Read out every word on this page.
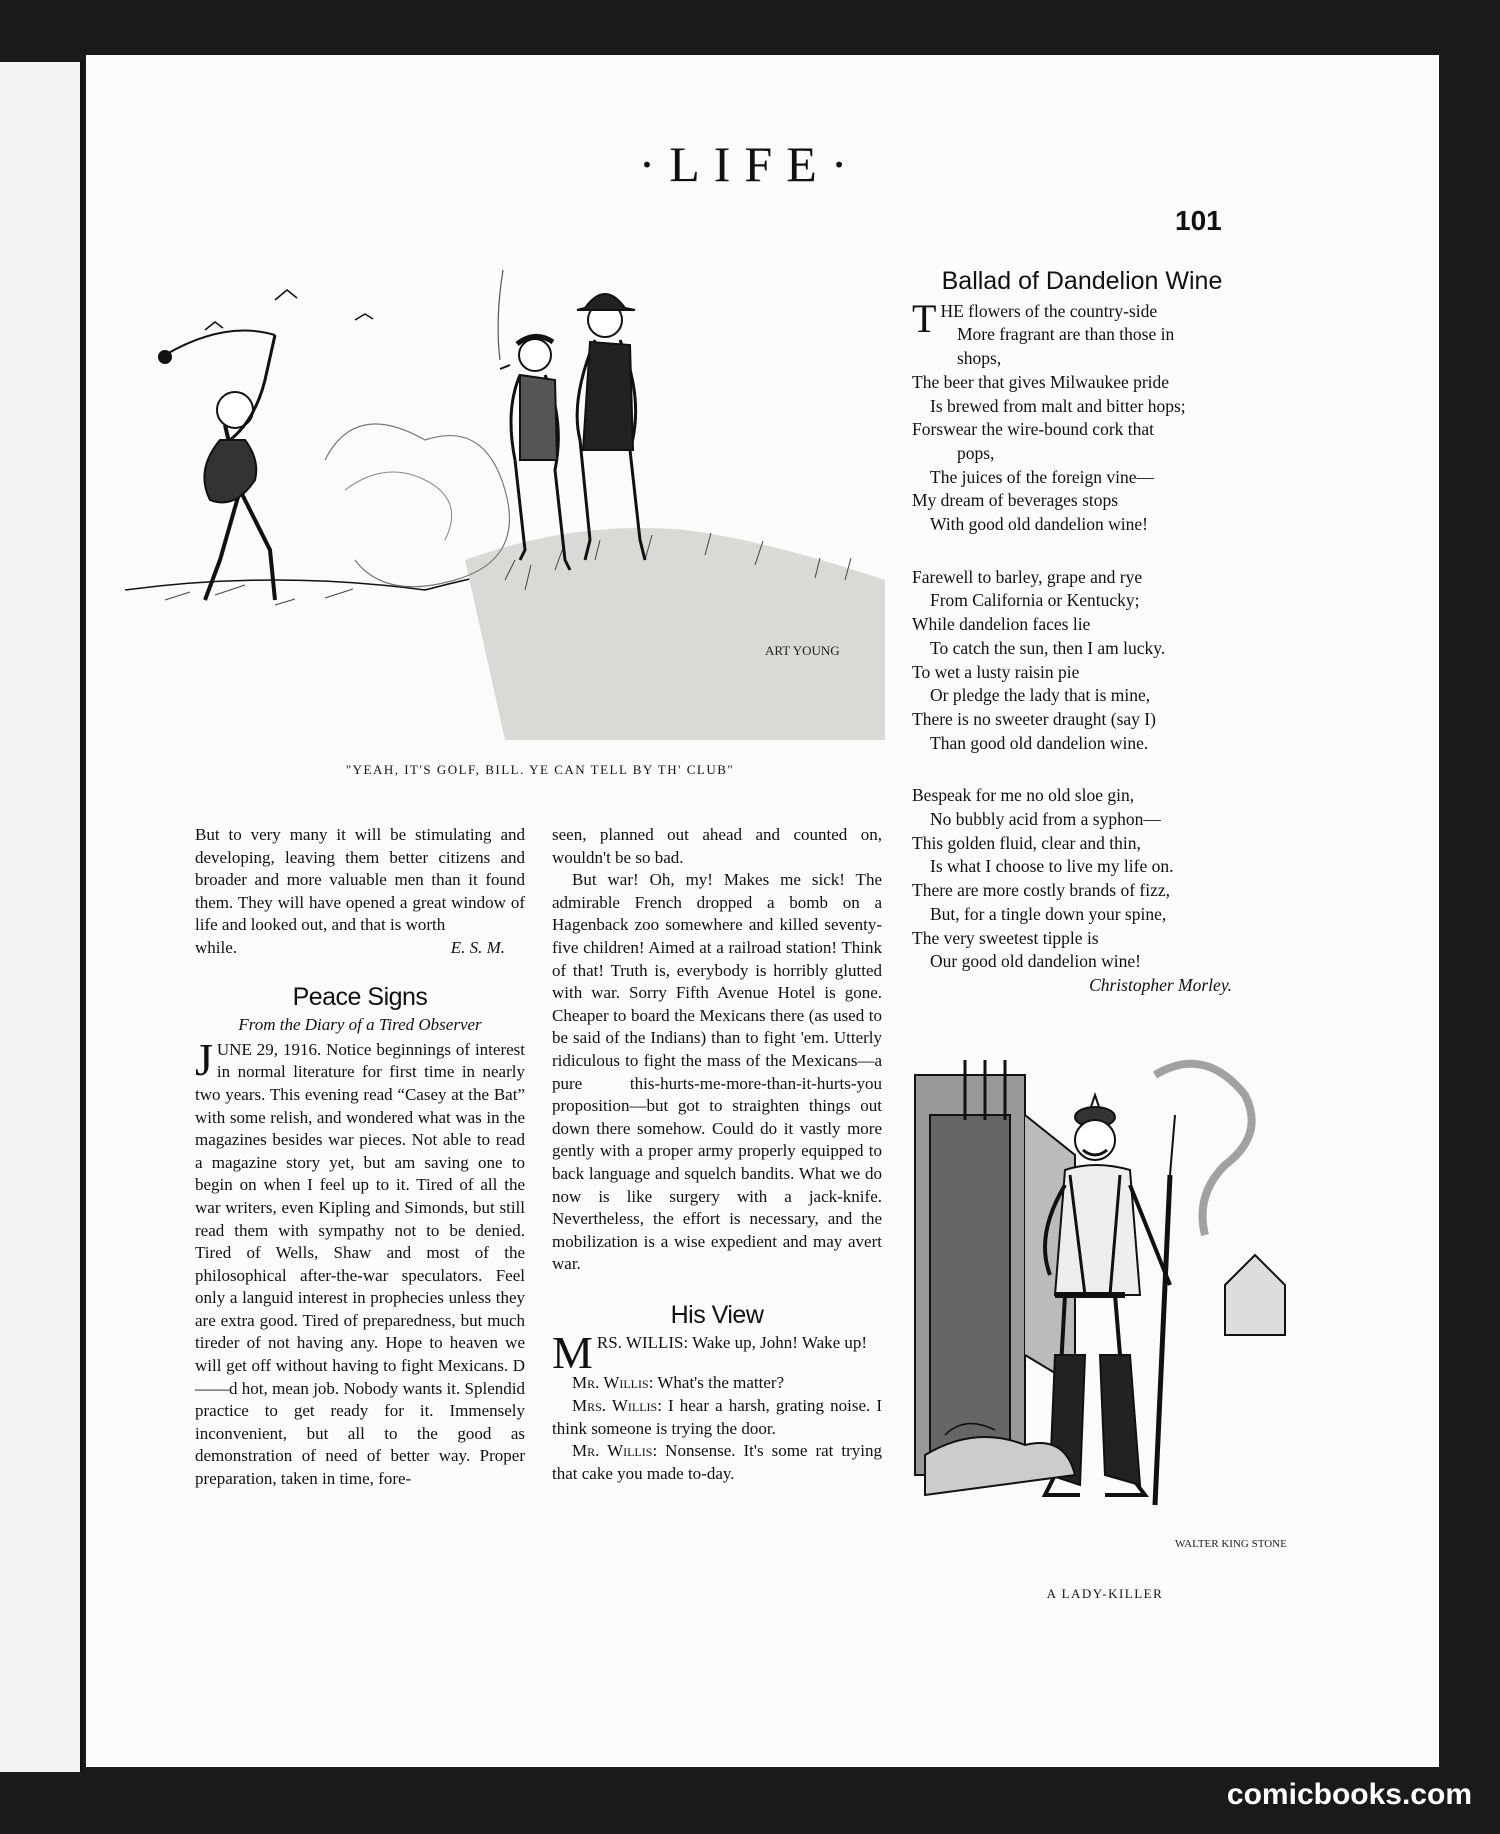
·LIFE·
101
ART YOUNG
"YEAH, IT'S GOLF, BILL. YE CAN TELL BY TH' CLUB"

But to very many it will be stimulating and developing, leaving them better citizens and broader and more valuable men than it found them. They will have opened a great window of life and looked out, and that is worth

while.	E. S. M.
Peace Signs
From the Diary of a Tired Observer

JUNE 29, 1916. Notice beginnings of interest in normal literature for first time in nearly two years. This evening read “Casey at the Bat” with some relish, and wondered what was in the magazines besides war pieces. Not able to read a magazine story yet, but am saving one to begin on when I feel up to it. Tired of all the war writers, even Kipling and Simonds, but still read them with sympathy not to be denied. Tired of Wells, Shaw and most of the philosophical after-the-war speculators. Feel only a languid interest in prophecies unless they are extra good. Tired of preparedness, but much tireder of not having any. Hope to heaven we will get off without having to fight Mexicans. D——d hot, mean job. Nobody wants it. Splendid practice to get ready for it. Immensely inconvenient, but all to the good as demonstration of need of better way. Proper preparation, taken in time, fore-

seen, planned out ahead and counted on, wouldn't be so bad.

But war! Oh, my! Makes me sick! The admirable French dropped a bomb on a Hagenback zoo somewhere and killed seventy-five children! Aimed at a railroad station! Think of that! Truth is, everybody is horribly glutted with war. Sorry Fifth Avenue Hotel is gone. Cheaper to board the Mexicans there (as used to be said of the Indians) than to fight 'em. Utterly ridiculous to fight the mass of the Mexicans—a pure this-hurts-me-more-than-it-hurts-you proposition—but got to straighten things out down there somehow. Could do it vastly more gently with a proper army properly equipped to back language and squelch bandits. What we do now is like surgery with a jack-knife. Nevertheless, the effort is necessary, and the mobilization is a wise expedient and may avert war.

His View

MRS. WILLIS: Wake up, John! Wake up!

Mr. Willis: What's the matter?

Mrs. Willis: I hear a harsh, grating noise. I think someone is trying the door.

Mr. Willis: Nonsense. It's some rat trying that cake you made to-day.

Ballad of Dandelion Wine
T HE flowers of the country-side
More fragrant are than those in
shops,
The beer that gives Milwaukee pride
Is brewed from malt and bitter hops;
Forswear the wire-bound cork that
pops,
The juices of the foreign vine—
My dream of beverages stops
With good old dandelion wine!
Farewell to barley, grape and rye
From California or Kentucky;
While dandelion faces lie
To catch the sun, then I am lucky.
To wet a lusty raisin pie
Or pledge the lady that is mine,
There is no sweeter draught (say I)
Than good old dandelion wine.
Bespeak for me no old sloe gin,
No bubbly acid from a syphon—
This golden fluid, clear and thin,
Is what I choose to live my life on.
There are more costly brands of fizz,
But, for a tingle down your spine,
The very sweetest tipple is
Our good old dandelion wine!
Christopher Morley.
WALTER KING STONE
A LADY-KILLER
comicbooks.com
